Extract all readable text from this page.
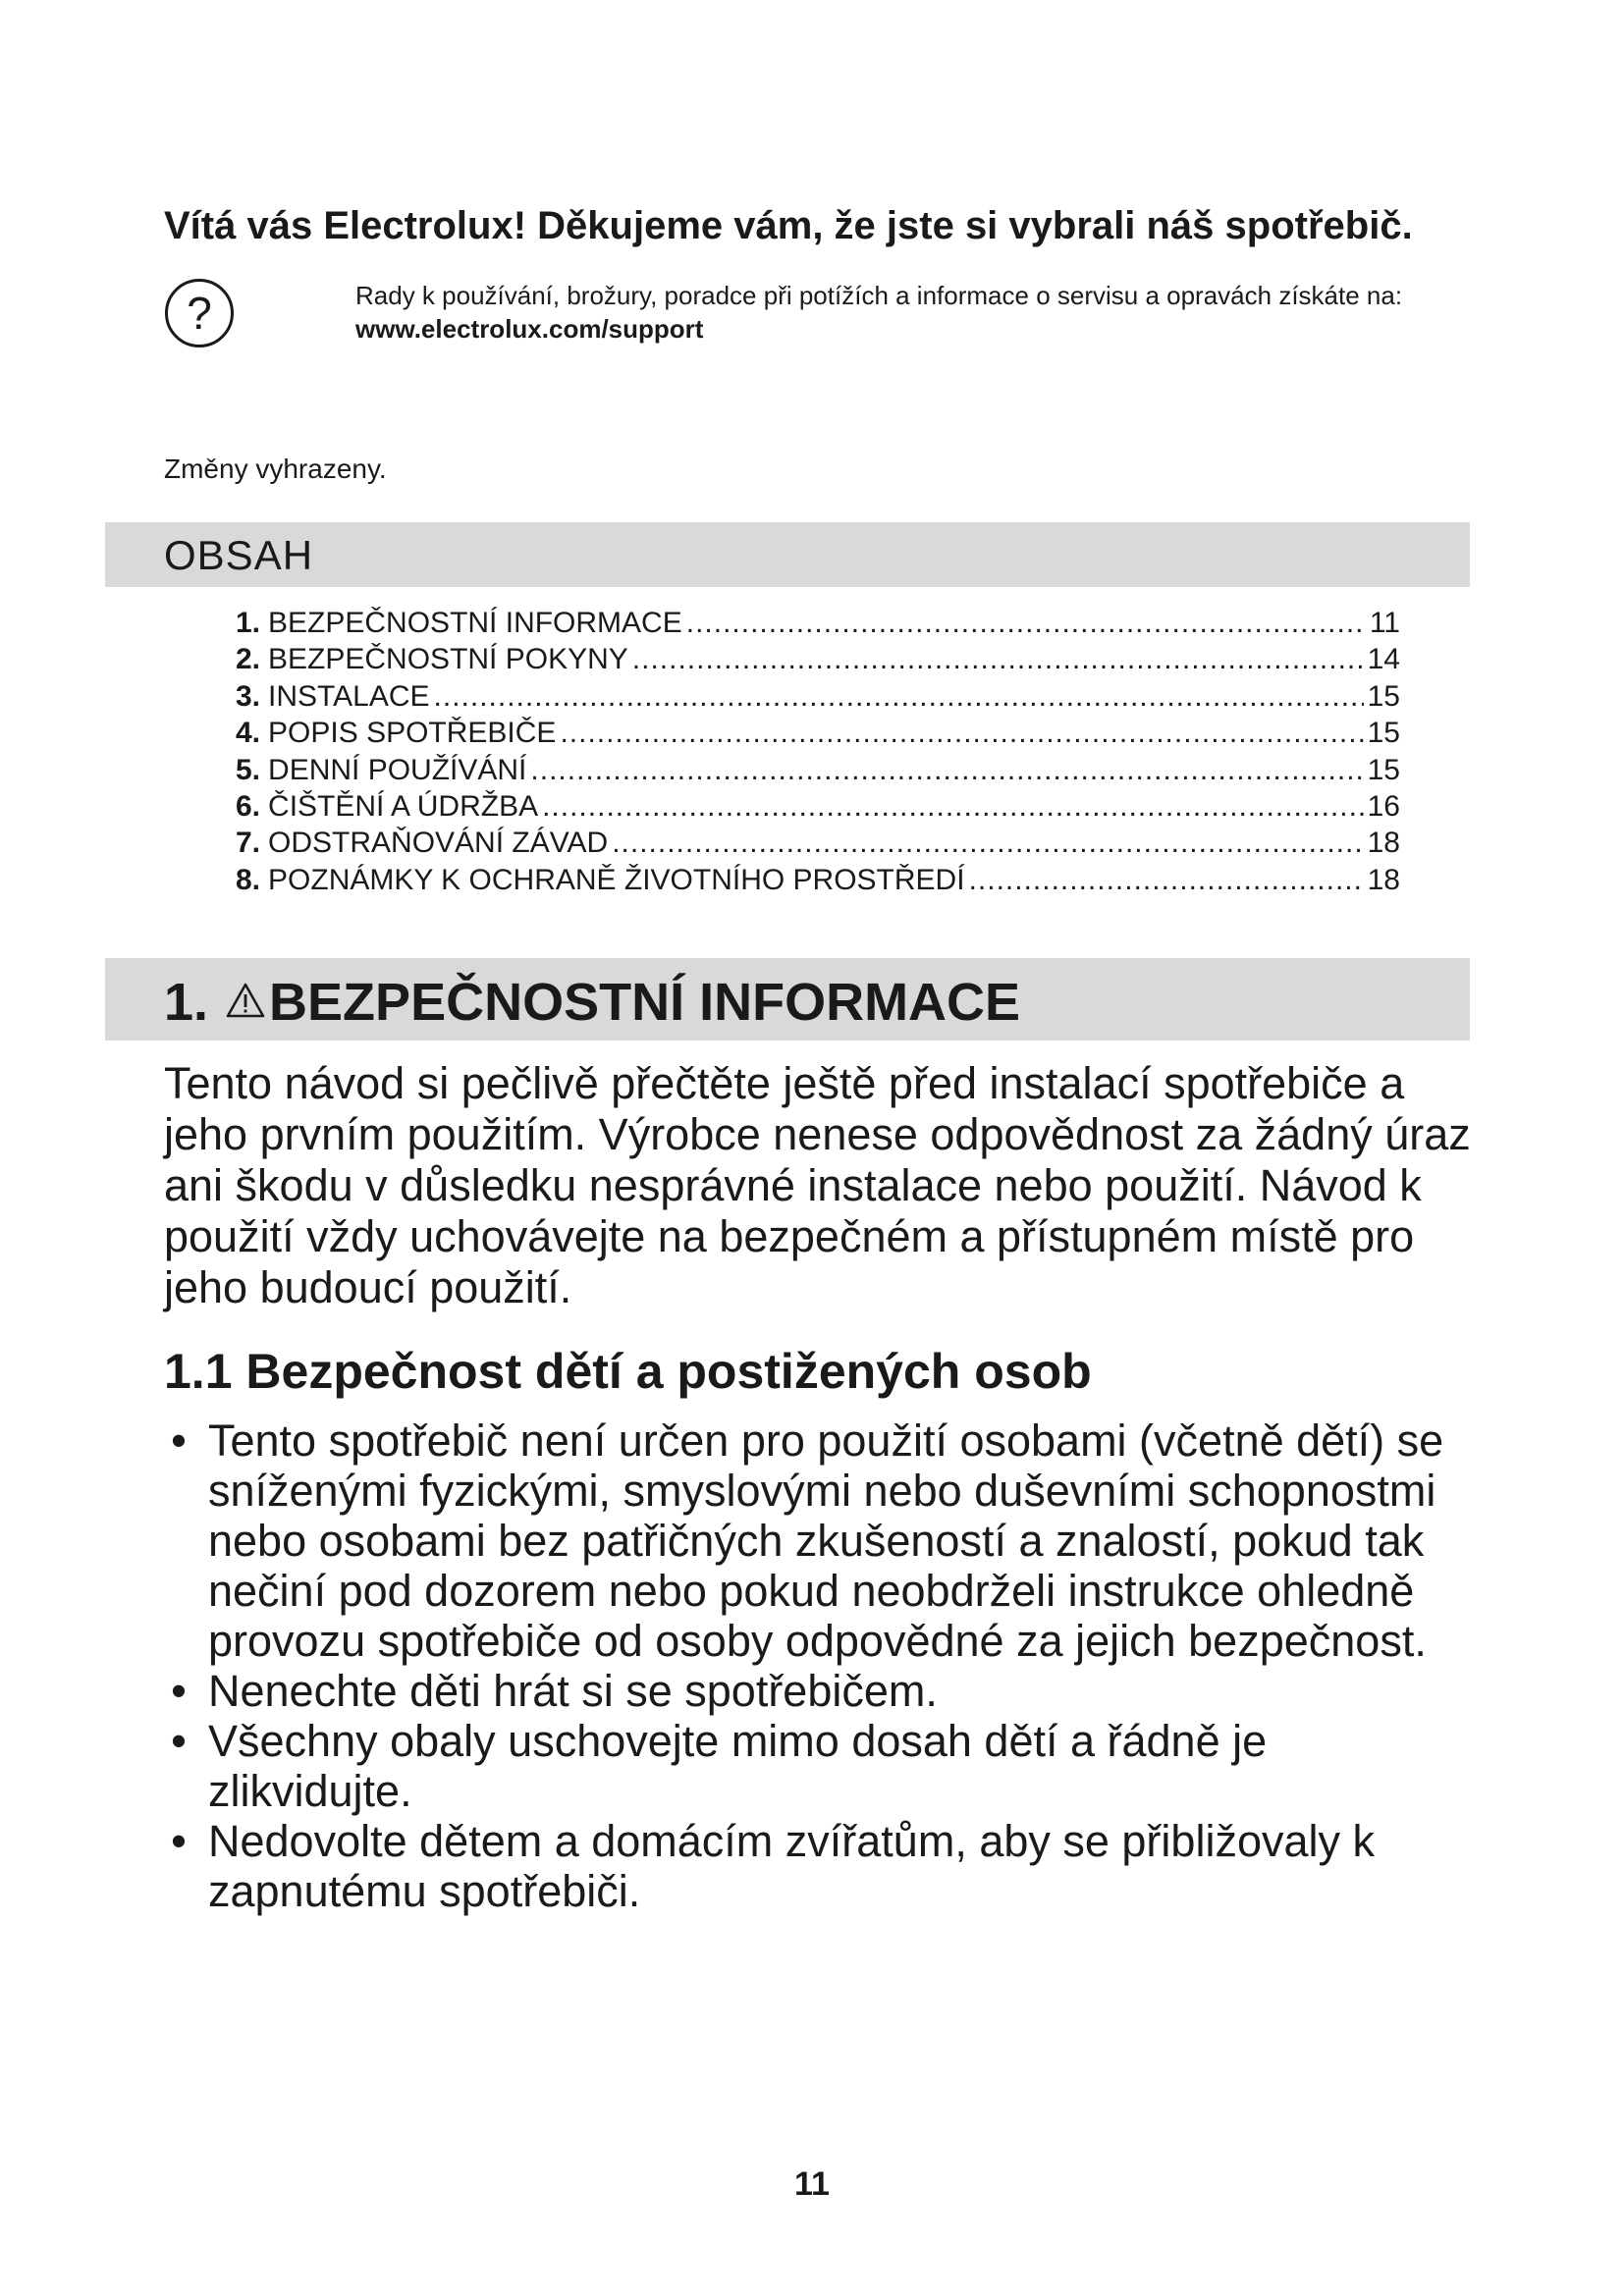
Vítá vás Electrolux! Děkujeme vám, že jste si vybrali náš spotřebič.
?	Rady k používání, brožury, poradce při potížích a informace o servisu a opravách získáte na:
www.electrolux.com/support
Změny vyhrazeny.
OBSAH
1. BEZPEČNOSTNÍ INFORMACE .....	11
2. BEZPEČNOSTNÍ POKYNY .....	14
3. INSTALACE .....	15
4. POPIS SPOTŘEBIČE .....	15
5. DENNÍ POUŽÍVÁNÍ .....	15
6. ČIŠTĚNÍ A ÚDRŽBA .....	16
7. ODSTRAŇOVÁNÍ ZÁVAD .....	18
8. POZNÁMKY K OCHRANĚ ŽIVOTNÍHO PROSTŘEDÍ .....	18
1. BEZPEČNOSTNÍ INFORMACE
Tento návod si pečlivě přečtěte ještě před instalací spotřebiče a jeho prvním použitím. Výrobce nenese odpovědnost za žádný úraz ani škodu v důsledku nesprávné instalace nebo použití. Návod k použití vždy uchovávejte na bezpečném a přístupném místě pro jeho budoucí použití.
1.1 Bezpečnost dětí a postižených osob
• Tento spotřebič není určen pro použití osobami (včetně dětí) se sníženými fyzickými, smyslovými nebo duševními schopnostmi nebo osobami bez patřičných zkušeností a znalostí, pokud tak nečiní pod dozorem nebo pokud neobdrželi instrukce ohledně provozu spotřebiče od osoby odpovědné za jejich bezpečnost.
• Nenechte děti hrát si se spotřebičem.
• Všechny obaly uschovejte mimo dosah dětí a řádně je zlikvidujte.
• Nedovolte dětem a domácím zvířatům, aby se přibližovaly k zapnutému spotřebiči.
11
